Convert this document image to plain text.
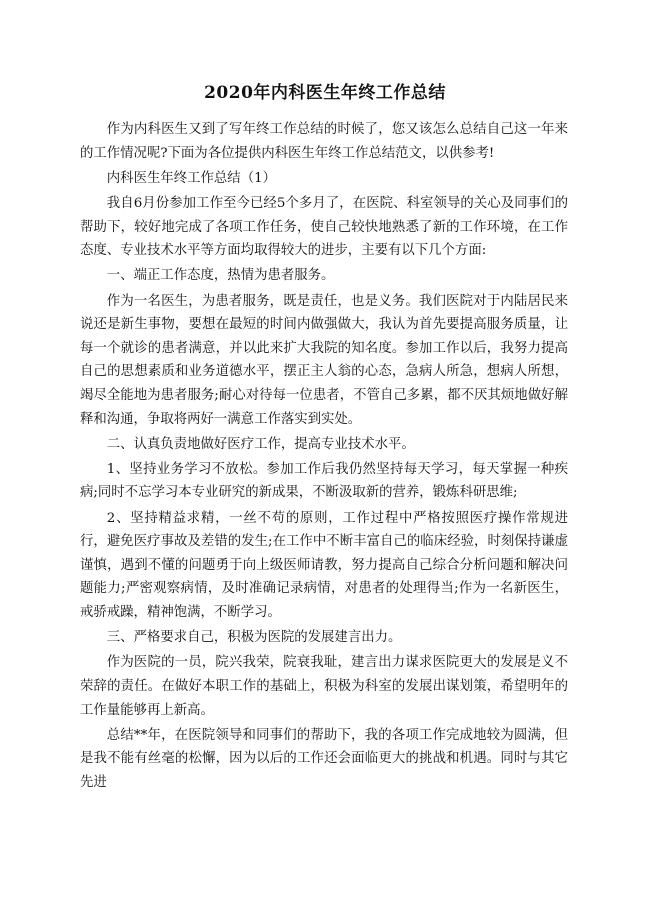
2020年内科医生年终工作总结

作为内科医生又到了写年终工作总结的时候了，您又该怎么总结自己这一年来的工作情况呢?下面为各位提供内科医生年终工作总结范文，以供参考!

内科医生年终工作总结（1）

我自6月份参加工作至今已经5个多月了，在医院、科室领导的关心及同事们的帮助下，较好地完成了各项工作任务，使自己较快地熟悉了新的工作环境，在工作态度、专业技术水平等方面均取得较大的进步，主要有以下几个方面:

一、端正工作态度，热情为患者服务。

作为一名医生，为患者服务，既是责任，也是义务。我们医院对于内陆居民来说还是新生事物，要想在最短的时间内做强做大，我认为首先要提高服务质量，让每一个就诊的患者满意，并以此来扩大我院的知名度。参加工作以后，我努力提高自己的思想素质和业务道德水平，摆正主人翁的心态，急病人所急，想病人所想，竭尽全能地为患者服务;耐心对待每一位患者，不管自己多累，都不厌其烦地做好解释和沟通，争取将两好一满意工作落实到实处。

二、认真负责地做好医疗工作，提高专业技术水平。

1、坚持业务学习不放松。参加工作后我仍然坚持每天学习，每天掌握一种疾病;同时不忘学习本专业研究的新成果，不断汲取新的营养，锻炼科研思维;

2、坚持精益求精，一丝不苟的原则，工作过程中严格按照医疗操作常规进行，避免医疗事故及差错的发生;在工作中不断丰富自己的临床经验，时刻保持谦虚谨慎，遇到不懂的问题勇于向上级医师请教，努力提高自己综合分析问题和解决问题能力;严密观察病情，及时准确记录病情，对患者的处理得当;作为一名新医生，戒骄戒躁，精神饱满，不断学习。

三、严格要求自己，积极为医院的发展建言出力。

作为医院的一员，院兴我荣，院衰我耻，建言出力谋求医院更大的发展是义不荣辞的责任。在做好本职工作的基础上，积极为科室的发展出谋划策，希望明年的工作量能够再上新高。

总结**年，在医院领导和同事们的帮助下，我的各项工作完成地较为圆满，但是我不能有丝毫的松懈，因为以后的工作还会面临更大的挑战和机遇。同时与其它先进
